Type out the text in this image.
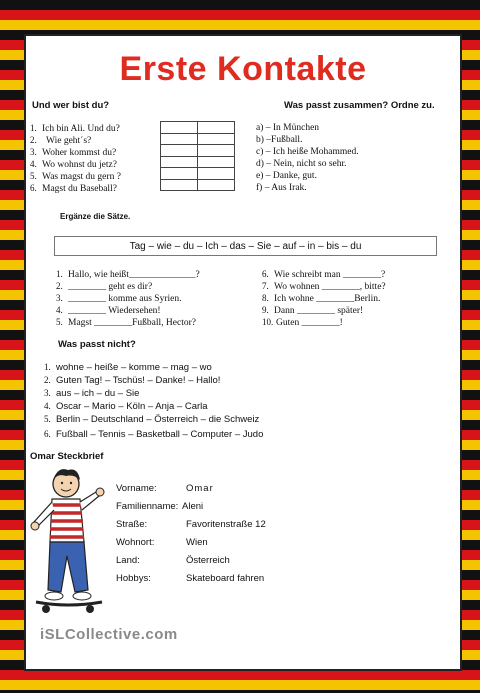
Erste Kontakte
Und wer bist du?	Was passt zusammen? Ordne zu.
1. Ich bin Ali. Und du?
2. Wie geht´s?
3. Woher kommst du?
4. Wo wohnst du jetz?
5. Was magst du gern ?
6. Magst du Baseball?

a) – In München
b) –Fußball.
c) – Ich heiße Mohammed.
d) – Nein, nicht so sehr.
e) – Danke, gut.
f) – Aus Irak.
Ergänze die Sätze.
Tag – wie – du – Ich – das – Sie – auf – in – bis – du
1. Hallo, wie heißt______________?
2. ________ geht es dir?
3. ________ komme aus Syrien.
4. ________ Wiedersehen!
5. Magst ________Fußball, Hector?
6. Wie schreibt man ________?
7. Wo wohnen ________, bitte?
8. Ich wohne ________Berlin.
9. Dann ________ später!
10. Guten ________!
Was passt nicht?
1. wohne – heiße – komme – mag – wo
2. Guten Tag! – Tschüs! – Danke! – Hallo!
3. aus – ich – du – Sie
4. Oscar – Mario – Köln – Anja – Carla
5. Berlin – Deutschland – Österreich – die Schweiz
6. Fußball – Tennis – Basketball – Computer – Judo
Omar Steckbrief
Vorname:	Omar
Familienname: Aleni
Straße:	Favoritenstraße 12
Wohnort:	Wien
Land:	Österreich
Hobbys:	Skateboard fahren
iSLCollective.com
